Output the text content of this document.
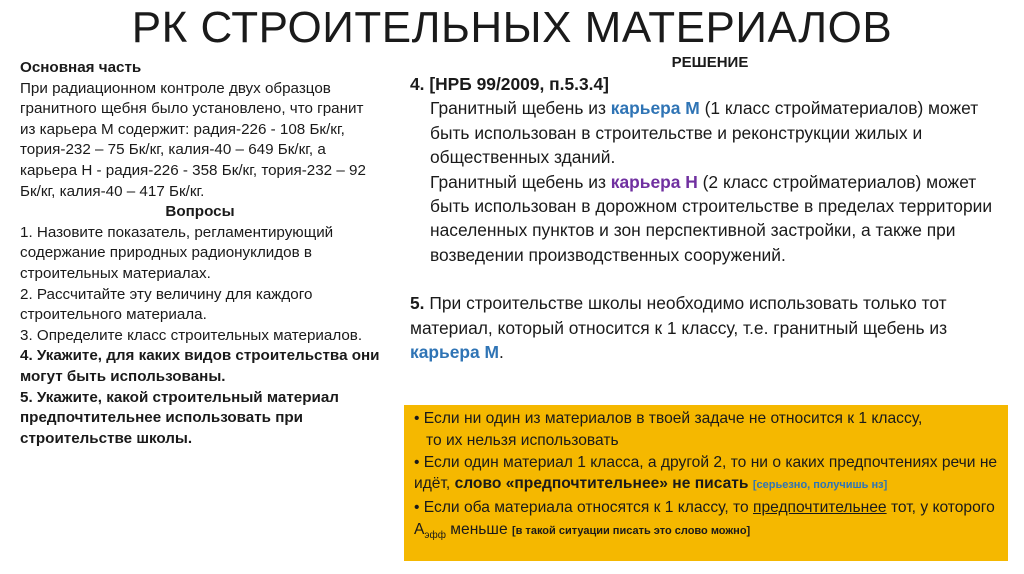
РК СТРОИТЕЛЬНЫХ МАТЕРИАЛОВ

Основная часть

При радиационном контроле двух образцов гранитного щебня было установлено, что гранит из карьера М содержит: радия-226 - 108 Бк/кг, тория-232 – 75 Бк/кг, калия-40 – 649 Бк/кг, а карьера Н - радия-226 - 358 Бк/кг, тория-232 – 92 Бк/кг, калия-40 – 417 Бк/кг.

Вопросы

1. Назовите показатель, регламентирующий содержание природных радионуклидов в строительных материалах.

2. Рассчитайте эту величину для каждого строительного материала.

3. Определите класс строительных материалов.

4. Укажите, для каких видов строительства они могут быть использованы.

5. Укажите, какой строительный материал предпочтительнее использовать при строительстве школы.

РЕШЕНИЕ

4. [НРБ 99/2009, п.5.3.4]

Гранитный щебень из карьера М (1 класс стройматериалов) может быть использован в строительстве и реконструкции жилых и общественных зданий.

Гранитный щебень из карьера Н (2 класс стройматериалов) может быть использован в дорожном строительстве в пределах территории населенных пунктов и зон перспективной застройки, а также при возведении производственных сооружений.

5. При строительстве школы необходимо использовать только тот материал, который относится к 1 классу, т.е. гранитный щебень из карьера М.

• Если ни один из материалов в твоей задаче не относится к 1 классу,
то их нельзя использовать

• Если один материал 1 класса, а другой 2, то ни о каких предпочтениях речи не идёт, слово «предпочтительнее» не писать [серьезно, получишь нз]

• Если оба материала относятся к 1 классу, то предпочтительнее тот, у которого $А_{эфф}$ меньше [в такой ситуации писать это слово можно]
